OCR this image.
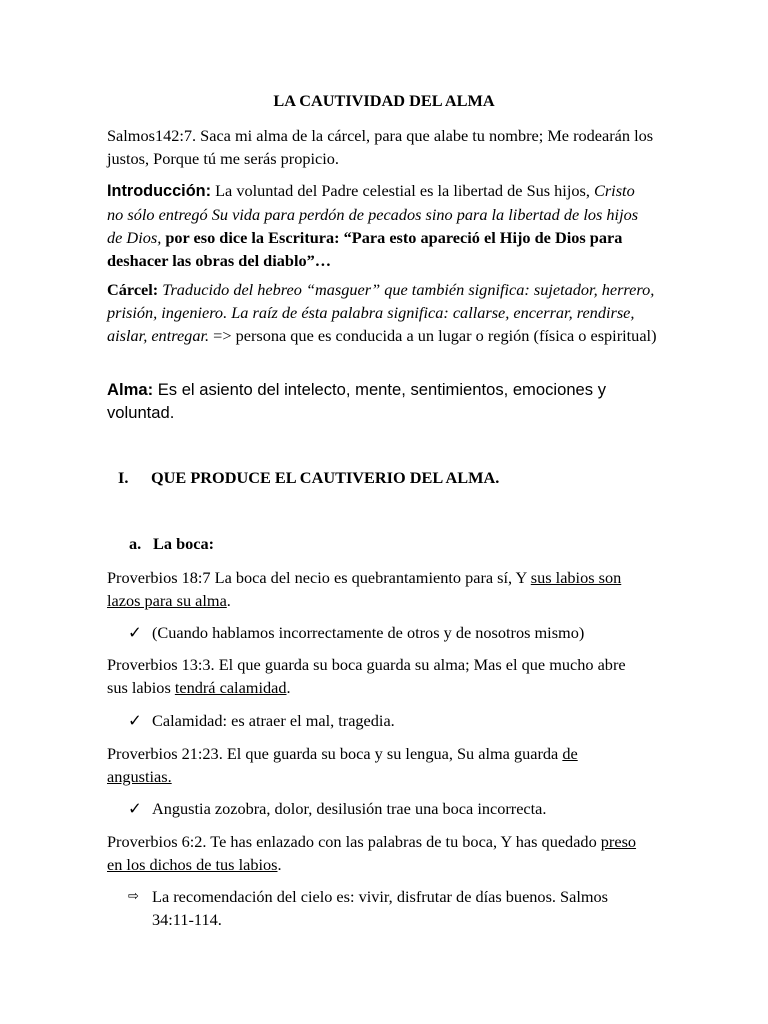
LA CAUTIVIDAD DEL ALMA

Salmos142:7. Saca mi alma de la cárcel, para que alabe tu nombre; Me rodearán los justos, Porque tú me serás propicio.

Introducción: La voluntad del Padre celestial es la libertad de Sus hijos, Cristo no sólo entregó Su vida para perdón de pecados sino para la libertad de los hijos de Dios, por eso dice la Escritura: “Para esto apareció el Hijo de Dios para deshacer las obras del diablo”…

Cárcel: Traducido del hebreo “masguer” que también significa: sujetador, herrero, prisión, ingeniero. La raíz de ésta palabra significa: callarse, encerrar, rendirse, aislar, entregar. => persona que es conducida a un lugar o región (física o espiritual)

Alma: Es el asiento del intelecto, mente, sentimientos, emociones y voluntad.

I. QUE PRODUCE EL CAUTIVERIO DEL ALMA.
a. La boca:

Proverbios 18:7 La boca del necio es quebrantamiento para sí, Y sus labios son lazos para su alma.

✓ (Cuando hablamos incorrectamente de otros y de nosotros mismo)

Proverbios 13:3. El que guarda su boca guarda su alma; Mas el que mucho abre sus labios tendrá calamidad.

✓ Calamidad: es atraer el mal, tragedia.

Proverbios 21:23. El que guarda su boca y su lengua, Su alma guarda de angustias.

✓ Angustia zozobra, dolor, desilusión trae una boca incorrecta.

Proverbios 6:2. Te has enlazado con las palabras de tu boca, Y has quedado preso en los dichos de tus labios.

⇨ La recomendación del cielo es: vivir, disfrutar de días buenos. Salmos 34:11-114.
